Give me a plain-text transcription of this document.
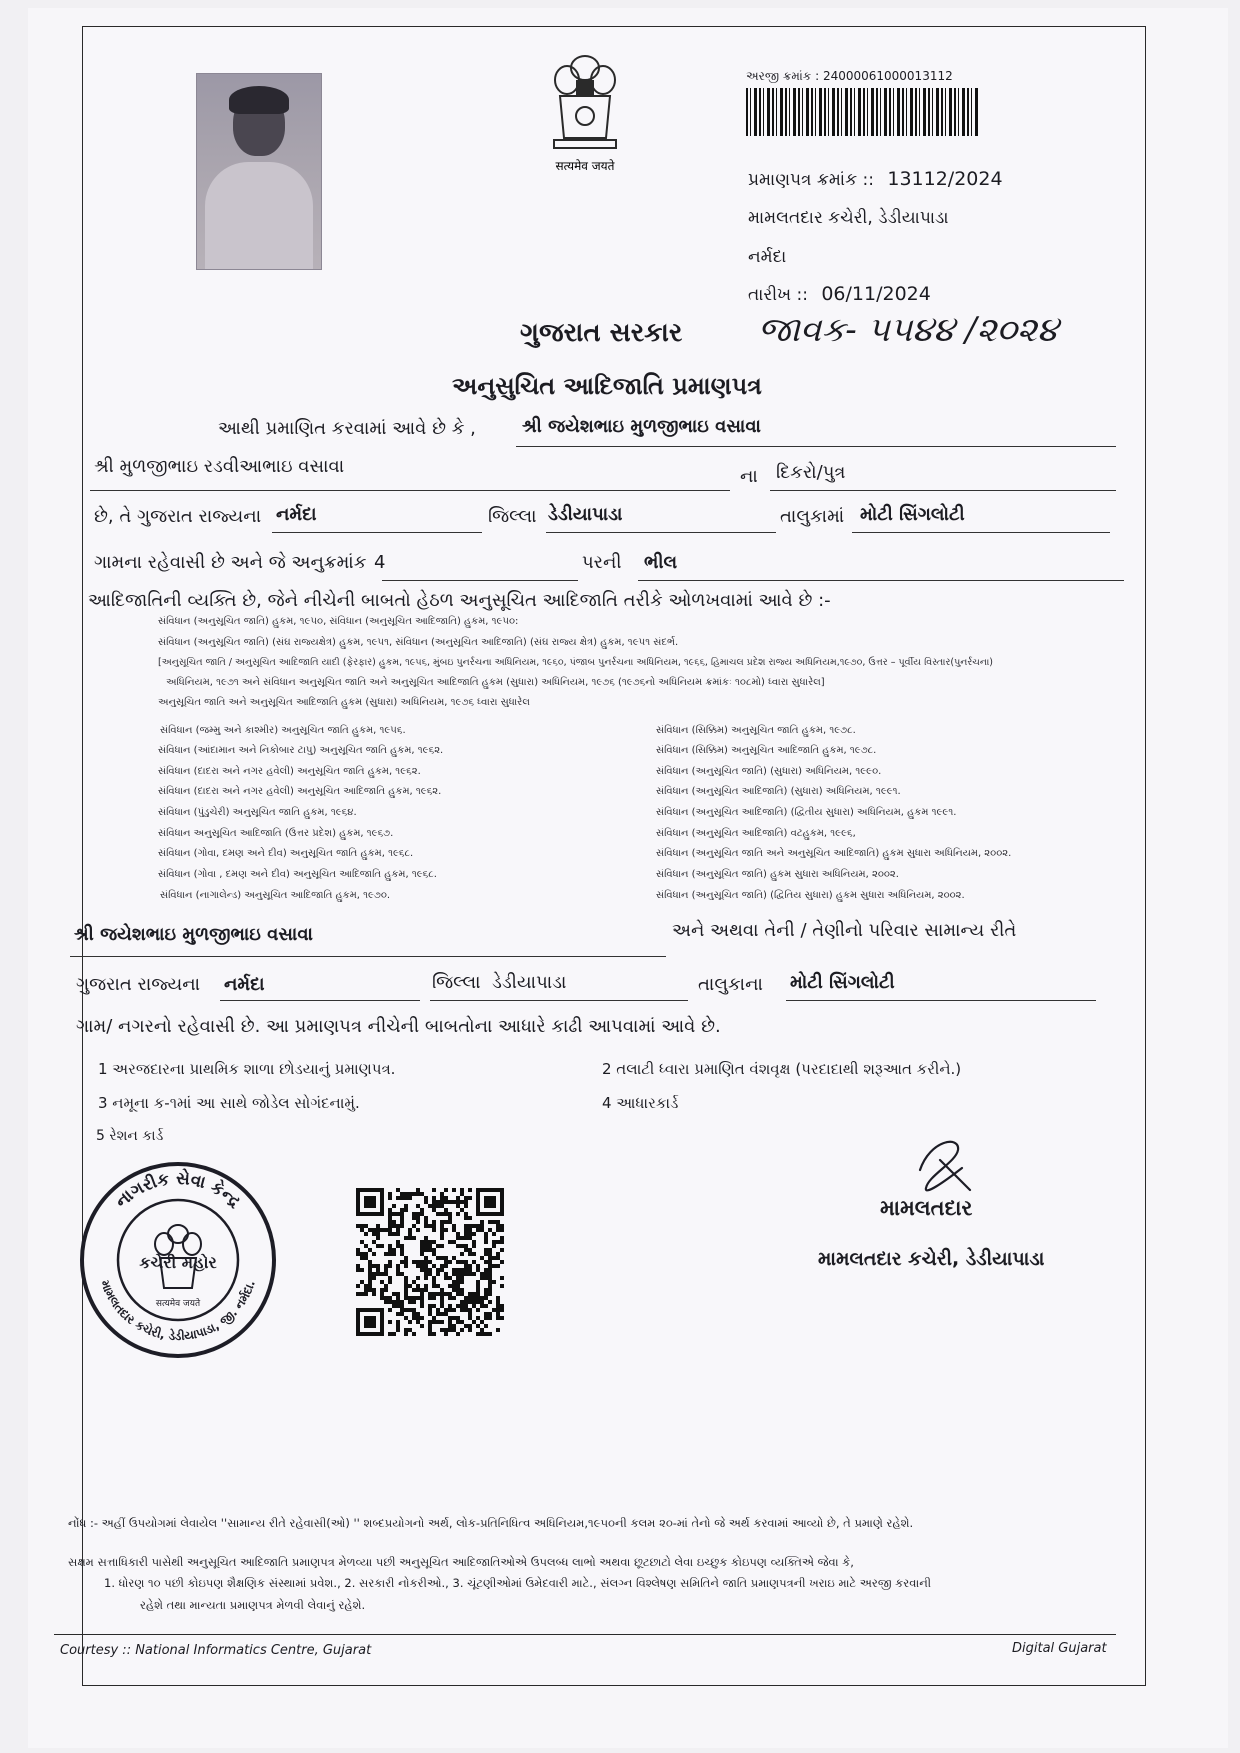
सत्यमेव जयते
અરજી ક્રમાંક : 24000061000013112
પ્રમાણપત્ર ક્રમાંક :: 13112/2024
મામલતદાર કચેરી, ડેડીયાપાડા
નર્મદા
તારીખ :: 06/11/2024
ગુજરાત સરકાર જાવક- ૫૫૪૪ /૨૦૨૪
અનુસુચિત આદિજાતિ પ્રમાણપત્ર
આથી પ્રમાણિત કરવામાં આવે છે કે ,	શ્રી જયેશભાઇ મુળજીભાઇ વસાવા
શ્રી મુળજીભાઇ રડવીઆભાઇ વસાવા	ના દિકરો/પુત્ર
છે, તે ગુજરાત રાજ્યના નર્મદા	જિલ્લા ડેડીયાપાડા	તાલુકામાં મોટી સિંગલોટી
ગામના રહેવાસી છે અને જે અનુક્રમાંક 4	પરની ભીલ
આદિજાતિની વ્યક્તિ છે, જેને નીચેની બાબતો હેઠળ અનુસૂચિત આદિજાતિ તરીકે ઓળખવામાં આવે છે :-
સંવિધાન (અનુસૂચિત જાતિ) હુકમ, ૧૯૫૦, સંવિધાન (અનુસૂચિત આદિજાતિ) હુકમ, ૧૯૫૦:
સંવિધાન (અનુસૂચિત જાતિ) (સંઘ રાજ્યક્ષેત્ર) હુકમ, ૧૯૫૧, સંવિધાન (અનુસૂચિત આદિજાતિ) (સંઘ રાજ્ય ક્ષેત્ર) હુકમ, ૧૯૫૧ સંદર્ભ.
[અનુસૂચિત જાતિ / અનુસૂચિત આદિજાતિ યાદી (ફેરફાર) હુકમ, ૧૯૫૬, મુંબઇ પુનર્રચના અધિનિયમ, ૧૯૬૦, પંજાબ પુનર્રચના અધિનિયમ, ૧૯૬૬, હિમાચલ પ્રદેશ રાજ્ય અધિનિયમ,૧૯૭૦, ઉત્તર – પૂર્વીય વિસ્તાર(પુનર્રચના)
અધિનિયમ, ૧૯૭૧ અને સંવિધાન અનુસૂચિત જાતિ અને અનુસૂચિત આદિજાતિ હુકમ (સુધારા) અધિનિયમ, ૧૯૭૬ (૧૯૭૬નો અધિનિયમ ક્રમાંકઃ ૧૦૮મો) ધ્વારા સુધારેલ]
અનુસૂચિત જાતિ અને અનુસૂચિત આદિજાતિ હુકમ (સુધારા) અધિનિયમ, ૧૯૭૬ ધ્વારા સુધારેલ
સંવિધાન (જમ્મુ અને કાશ્મીર) અનુસૂચિત જાતિ હુકમ, ૧૯૫૬.
સંવિધાન (આંદામાન અને નિકોબાર ટાપુ) અનુસૂચિત જાતિ હુકમ, ૧૯૬૨.
સંવિધાન (દાદરા અને નગર હવેલી) અનુસૂચિત જાતિ હુકમ, ૧૯૬૨.
સંવિધાન (દાદરા અને નગર હવેલી) અનુસૂચિત આદિજાતિ હુકમ, ૧૯૬૨.
સંવિધાન (પુંડુચેરી) અનુસૂચિત જાતિ હુકમ, ૧૯૬૪.
સંવિધાન અનુસૂચિત આદિજાતિ (ઉત્તર પ્રદેશ) હુકમ, ૧૯૬૭.
સંવિધાન (ગોવા, દમણ અને દીવ) અનુસૂચિત જાતિ હુકમ, ૧૯૬૮.
સંવિધાન (ગોવા , દમણ અને દીવ) અનુસૂચિત આદિજાતિ હુકમ, ૧૯૬૮.
સંવિધાન (નાગાલેન્ડ) અનુસૂચિત આદિજાતિ હુકમ, ૧૯૭૦.
સંવિધાન (સિક્કિમ) અનુસૂચિત જાતિ હુકમ, ૧૯૭૮.
સંવિધાન (સિક્કિમ) અનુસૂચિત આદિજાતિ હુકમ, ૧૯૭૮.
સંવિધાન (અનુસૂચિત જાતિ) (સુધારા) અધિનિયમ, ૧૯૯૦.
સંવિધાન (અનુસૂચિત આદિજાતિ) (સુધારા) અધિનિયમ, ૧૯૯૧.
સંવિધાન (અનુસૂચિત આદિજાતિ) (દ્વિતીય સુધારા) અધિનિયમ, હુકમ ૧૯૯૧.
સંવિધાન (અનુસૂચિત આદિજાતિ) વટહુકમ, ૧૯૯૬,
સંવિધાન (અનુસૂચિત જાતિ અને અનુસૂચિત આદિજાતિ) હુકમ સુધારા અધિનિયમ, ૨૦૦૨.
સંવિધાન (અનુસૂચિત જાતિ) હુકમ સુધારા અધિનિયમ, ૨૦૦૨.
સંવિધાન (અનુસૂચિત જાતિ) (દ્વિતિય સુધારા) હુકમ સુધારા અધિનિયમ, ૨૦૦૨.
શ્રી જયેશભાઇ મુળજીભાઇ વસાવા	અને અથવા તેની / તેણીનો પરિવાર સામાન્ય રીતે
ગુજરાત રાજ્યના નર્મદા	જિલ્લા ડેડીયાપાડા	તાલુકાના મોટી સિંગલોટી
ગામ/ નગરનો રહેવાસી છે. આ પ્રમાણપત્ર નીચેની બાબતોના આધારે કાઢી આપવામાં આવે છે.
1 અરજદારના પ્રાથમિક શાળા છોડયાનું પ્રમાણપત્ર.	2 તલાટી ધ્વારા પ્રમાણિત વંશવૃક્ષ (પરદાદાથી શરૂઆત કરીને.)
3 નમૂના ક-૧માં આ સાથે જોડેલ સોગંદનામું.	4 આધારકાર્ડ
5 રેશન કાર્ડ
નાગરીક સેવા કેન્દ્ર
મામલતદાર કચેરી, ડેડીયાપાડા, જી. નર્મદા.
કચેરી મહોર
सत्यमेव जयते
મામલતદાર
મામલતદાર કચેરી, ડેડીયાપાડા
નોંધ :- અહીં ઉપયોગમાં લેવાયેલ ''સામાન્ય રીતે રહેવાસી(ઓ) '' શબ્દપ્રયોગનો અર્થ, લોક-પ્રતિનિધિત્વ અધિનિયમ,૧૯૫૦ની કલમ ૨૦-માં તેનો જે અર્થ કરવામાં આવ્યો છે, તે પ્રમાણે રહેશે.
સક્ષમ સત્તાધિકારી પાસેથી અનુસૂચિત આદિજાતિ પ્રમાણપત્ર મેળવ્યા પછી અનુસૂચિત આદિજાતિઓએ ઉપલબ્ધ લાભો અથવા છૂટછાટો લેવા ઇચ્છુક કોઇપણ વ્યક્તિએ જેવા કે,
1. ધોરણ ૧૦ પછી કોઇપણ શૈક્ષણિક સંસ્થામાં પ્રવેશ., 2. સરકારી નોકરીઓ., 3. ચૂંટણીઓમાં ઉમેદવારી માટે., સંલગ્ન વિશ્લેષણ સમિતિને જાતિ પ્રમાણપત્રની ખરાઇ માટે અરજી કરવાની
રહેશે તથા માન્યતા પ્રમાણપત્ર મેળવી લેવાનું રહેશે.
Courtesy :: National Informatics Centre, Gujarat	Digital Gujarat
